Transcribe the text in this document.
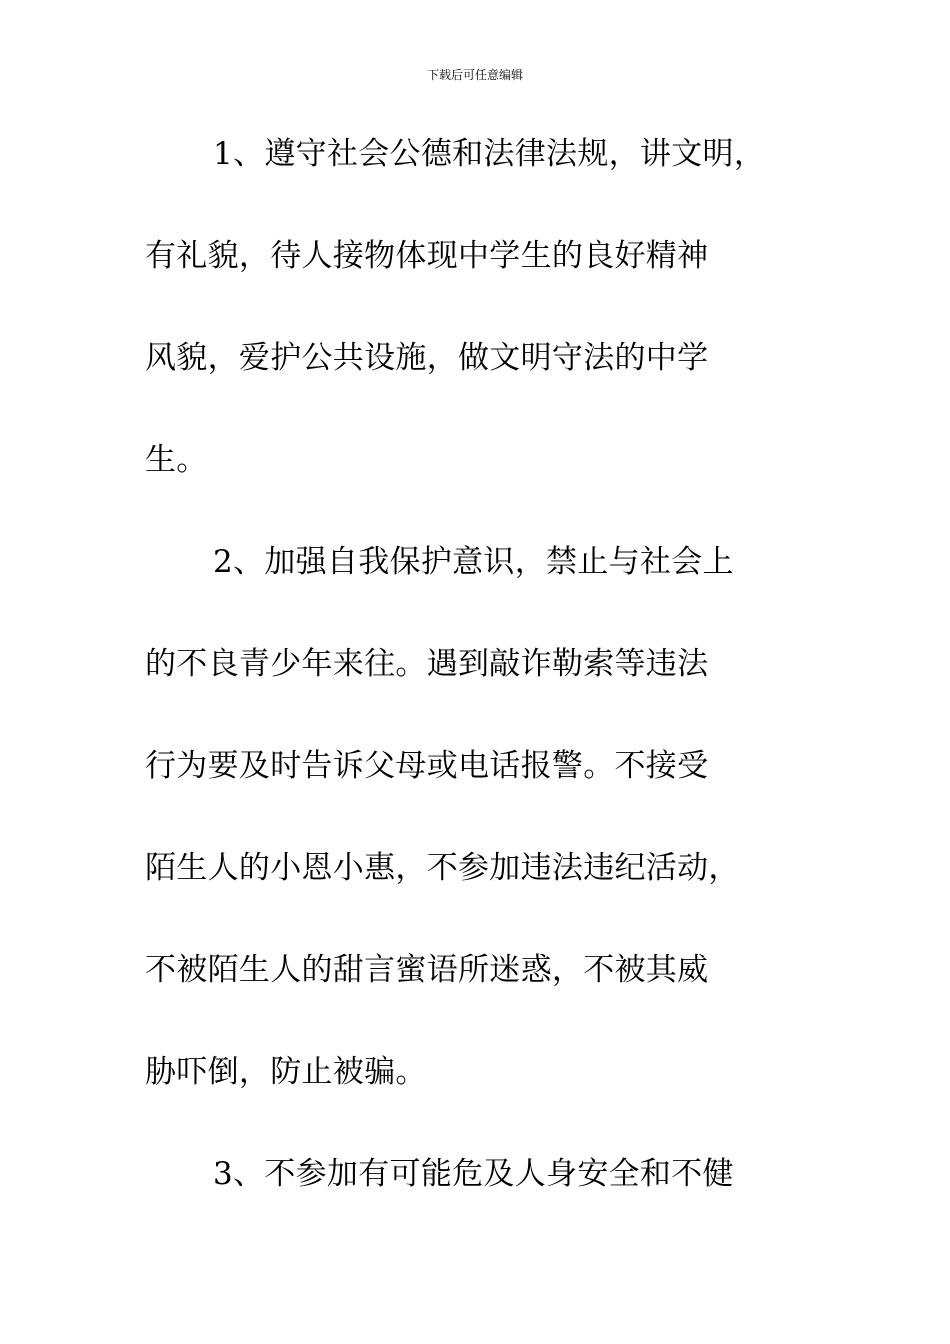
下载后可任意编辑
1、遵守社会公德和法律法规，讲文明，
有礼貌，待人接物体现中学生的良好精神
风貌，爱护公共设施，做文明守法的中学
生。
2、加强自我保护意识，禁止与社会上
的不良青少年来往。遇到敲诈勒索等违法
行为要及时告诉父母或电话报警。不接受
陌生人的小恩小惠，不参加违法违纪活动，
不被陌生人的甜言蜜语所迷惑，不被其威
胁吓倒，防止被骗。
3、不参加有可能危及人身安全和不健
